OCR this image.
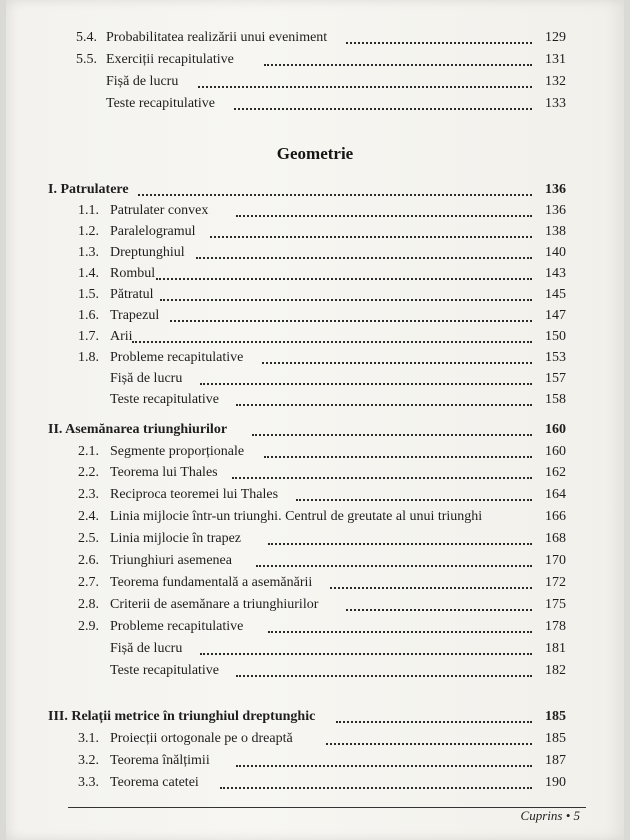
5.4. Probabilitatea realizării unui eveniment	129
5.5. Exerciții recapitulative	131
Fișă de lucru	132
Teste recapitulative	133
Geometrie
I. Patrulatere	136
1.1. Patrulater convex	136
1.2. Paralelogramul	138
1.3. Dreptunghiul	140
1.4. Rombul	143
1.5. Pătratul	145
1.6. Trapezul	147
1.7. Arii	150
1.8. Probleme recapitulative	153
Fișă de lucru	157
Teste recapitulative	158
II. Asemănarea triunghiurilor	160
2.1. Segmente proporționale	160
2.2. Teorema lui Thales	162
2.3. Reciproca teoremei lui Thales	164
2.4. Linia mijlocie într-un triunghi. Centrul de greutate al unui triunghi	166
2.5. Linia mijlocie în trapez	168
2.6. Triunghiuri asemenea	170
2.7. Teorema fundamentală a asemănării	172
2.8. Criterii de asemănare a triunghiurilor	175
2.9. Probleme recapitulative	178
Fișă de lucru	181
Teste recapitulative	182
III. Relații metrice în triunghiul dreptunghic	185
3.1. Proiecții ortogonale pe o dreaptă	185
3.2. Teorema înălțimii	187
3.3. Teorema catetei	190
Cuprins • 5
